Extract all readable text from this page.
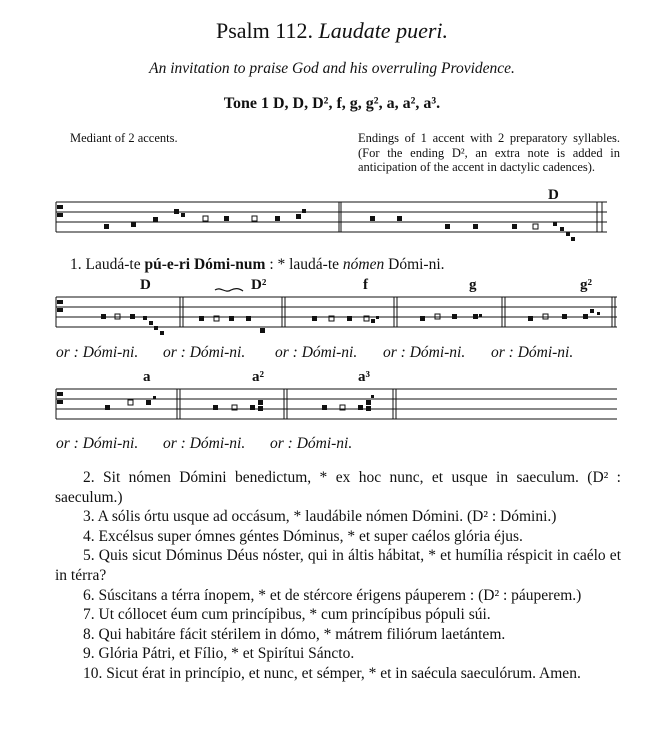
Psalm 112. Laudate pueri.
An invitation to praise God and his overruling Providence.
Tone 1 D, D, D², f, g, g², a, a², a³.
Mediant of 2 accents.	Endings of 1 accent with 2 preparatory syllables. (For the ending D², an extra note is added in anticipation of the accent in dactylic cadences).
D
1. Laudá-te pú-e-ri Dómi-num : * laudá-te nómen Dómi-ni.
D	D²	f	g	g²
or : Dómi-ni. or : Dómi-ni. or : Dómi-ni. or : Dómi-ni. or : Dómi-ni.
a	a²	a³
or : Dómi-ni. or : Dómi-ni. or : Dómi-ni.
2. Sit nómen Dómini benedictum, * ex hoc nunc, et usque in saeculum. (D² : saeculum.)
3. A sólis órtu usque ad occásum, * laudábile nómen Dómini. (D² : Dómini.)
4. Excélsus super ómnes géntes Dóminus, * et super caélos glória éjus.
5. Quis sicut Dóminus Déus nóster, qui in áltis hábitat, * et humília réspicit in caélo et in térra?
6. Súscitans a térra ínopem, * et de stércore érigens páuperem : (D² : páuperem.)
7. Ut cóllocet éum cum princípibus, * cum princípibus pópuli súi.
8. Qui habitáre fácit stérilem in dómo, * mátrem filiórum laetántem.
9. Glória Pátri, et Fílio, * et Spirítui Sáncto.
10. Sicut érat in princípio, et nunc, et sémper, * et in saécula saeculórum. Amen.
